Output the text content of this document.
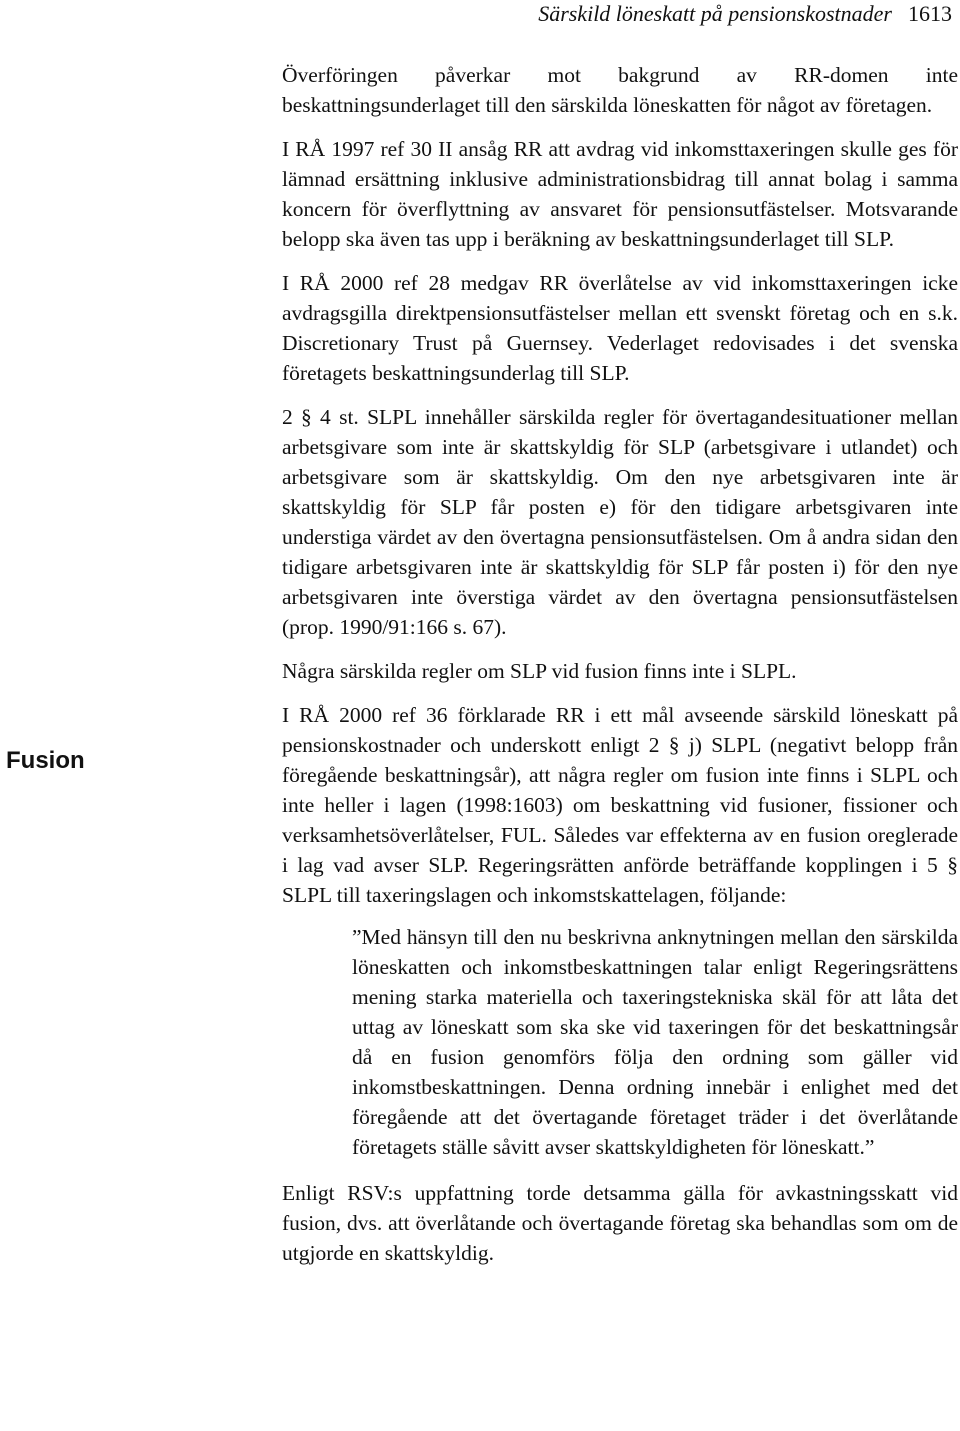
Särskild löneskatt på pensionskostnader 1613
Fusion

Överföringen påverkar mot bakgrund av RR-domen inte beskattningsunderlaget till den särskilda löneskatten för något av företagen.

I RÅ 1997 ref 30 II ansåg RR att avdrag vid inkomsttaxeringen skulle ges för lämnad ersättning inklusive administrationsbidrag till annat bolag i samma koncern för överflyttning av ansvaret för pensionsutfästelser. Motsvarande belopp ska även tas upp i beräkning av beskattningsunderlaget till SLP.

I RÅ 2000 ref 28 medgav RR överlåtelse av vid inkomsttaxeringen icke avdragsgilla direktpensionsutfästelser mellan ett svenskt företag och en s.k. Discretionary Trust på Guernsey. Vederlaget redovisades i det svenska företagets beskattningsunderlag till SLP.

2 § 4 st. SLPL innehåller särskilda regler för övertagandesituationer mellan arbetsgivare som inte är skattskyldig för SLP (arbetsgivare i utlandet) och arbetsgivare som är skattskyldig. Om den nye arbetsgivaren inte är skattskyldig för SLP får posten e) för den tidigare arbetsgivaren inte understiga värdet av den övertagna pensionsutfästelsen. Om å andra sidan den tidigare arbetsgivaren inte är skattskyldig för SLP får posten i) för den nye arbetsgivaren inte överstiga värdet av den övertagna pensionsutfästelsen (prop. 1990/91:166 s. 67).

Några särskilda regler om SLP vid fusion finns inte i SLPL.

I RÅ 2000 ref 36 förklarade RR i ett mål avseende särskild löneskatt på pensionskostnader och underskott enligt 2 § j) SLPL (negativt belopp från föregående beskattningsår), att några regler om fusion inte finns i SLPL och inte heller i lagen (1998:1603) om beskattning vid fusioner, fissioner och verksamhetsöverlåtelser, FUL. Således var effekterna av en fusion oreglerade i lag vad avser SLP. Regeringsrätten anförde beträffande kopplingen i 5 § SLPL till taxeringslagen och inkomstskattelagen, följande:

”Med hänsyn till den nu beskrivna anknytningen mellan den särskilda löneskatten och inkomstbeskattningen talar enligt Regeringsrättens mening starka materiella och taxeringstekniska skäl för att låta det uttag av löneskatt som ska ske vid taxeringen för det beskattningsår då en fusion genomförs följa den ordning som gäller vid inkomstbeskattningen. Denna ordning innebär i enlighet med det föregående att det övertagande företaget träder i det överlåtande företagets ställe såvitt avser skattskyldigheten för löneskatt.”

Enligt RSV:s uppfattning torde detsamma gälla för avkastningsskatt vid fusion, dvs. att överlåtande och övertagande företag ska behandlas som om de utgjorde en skattskyldig.
